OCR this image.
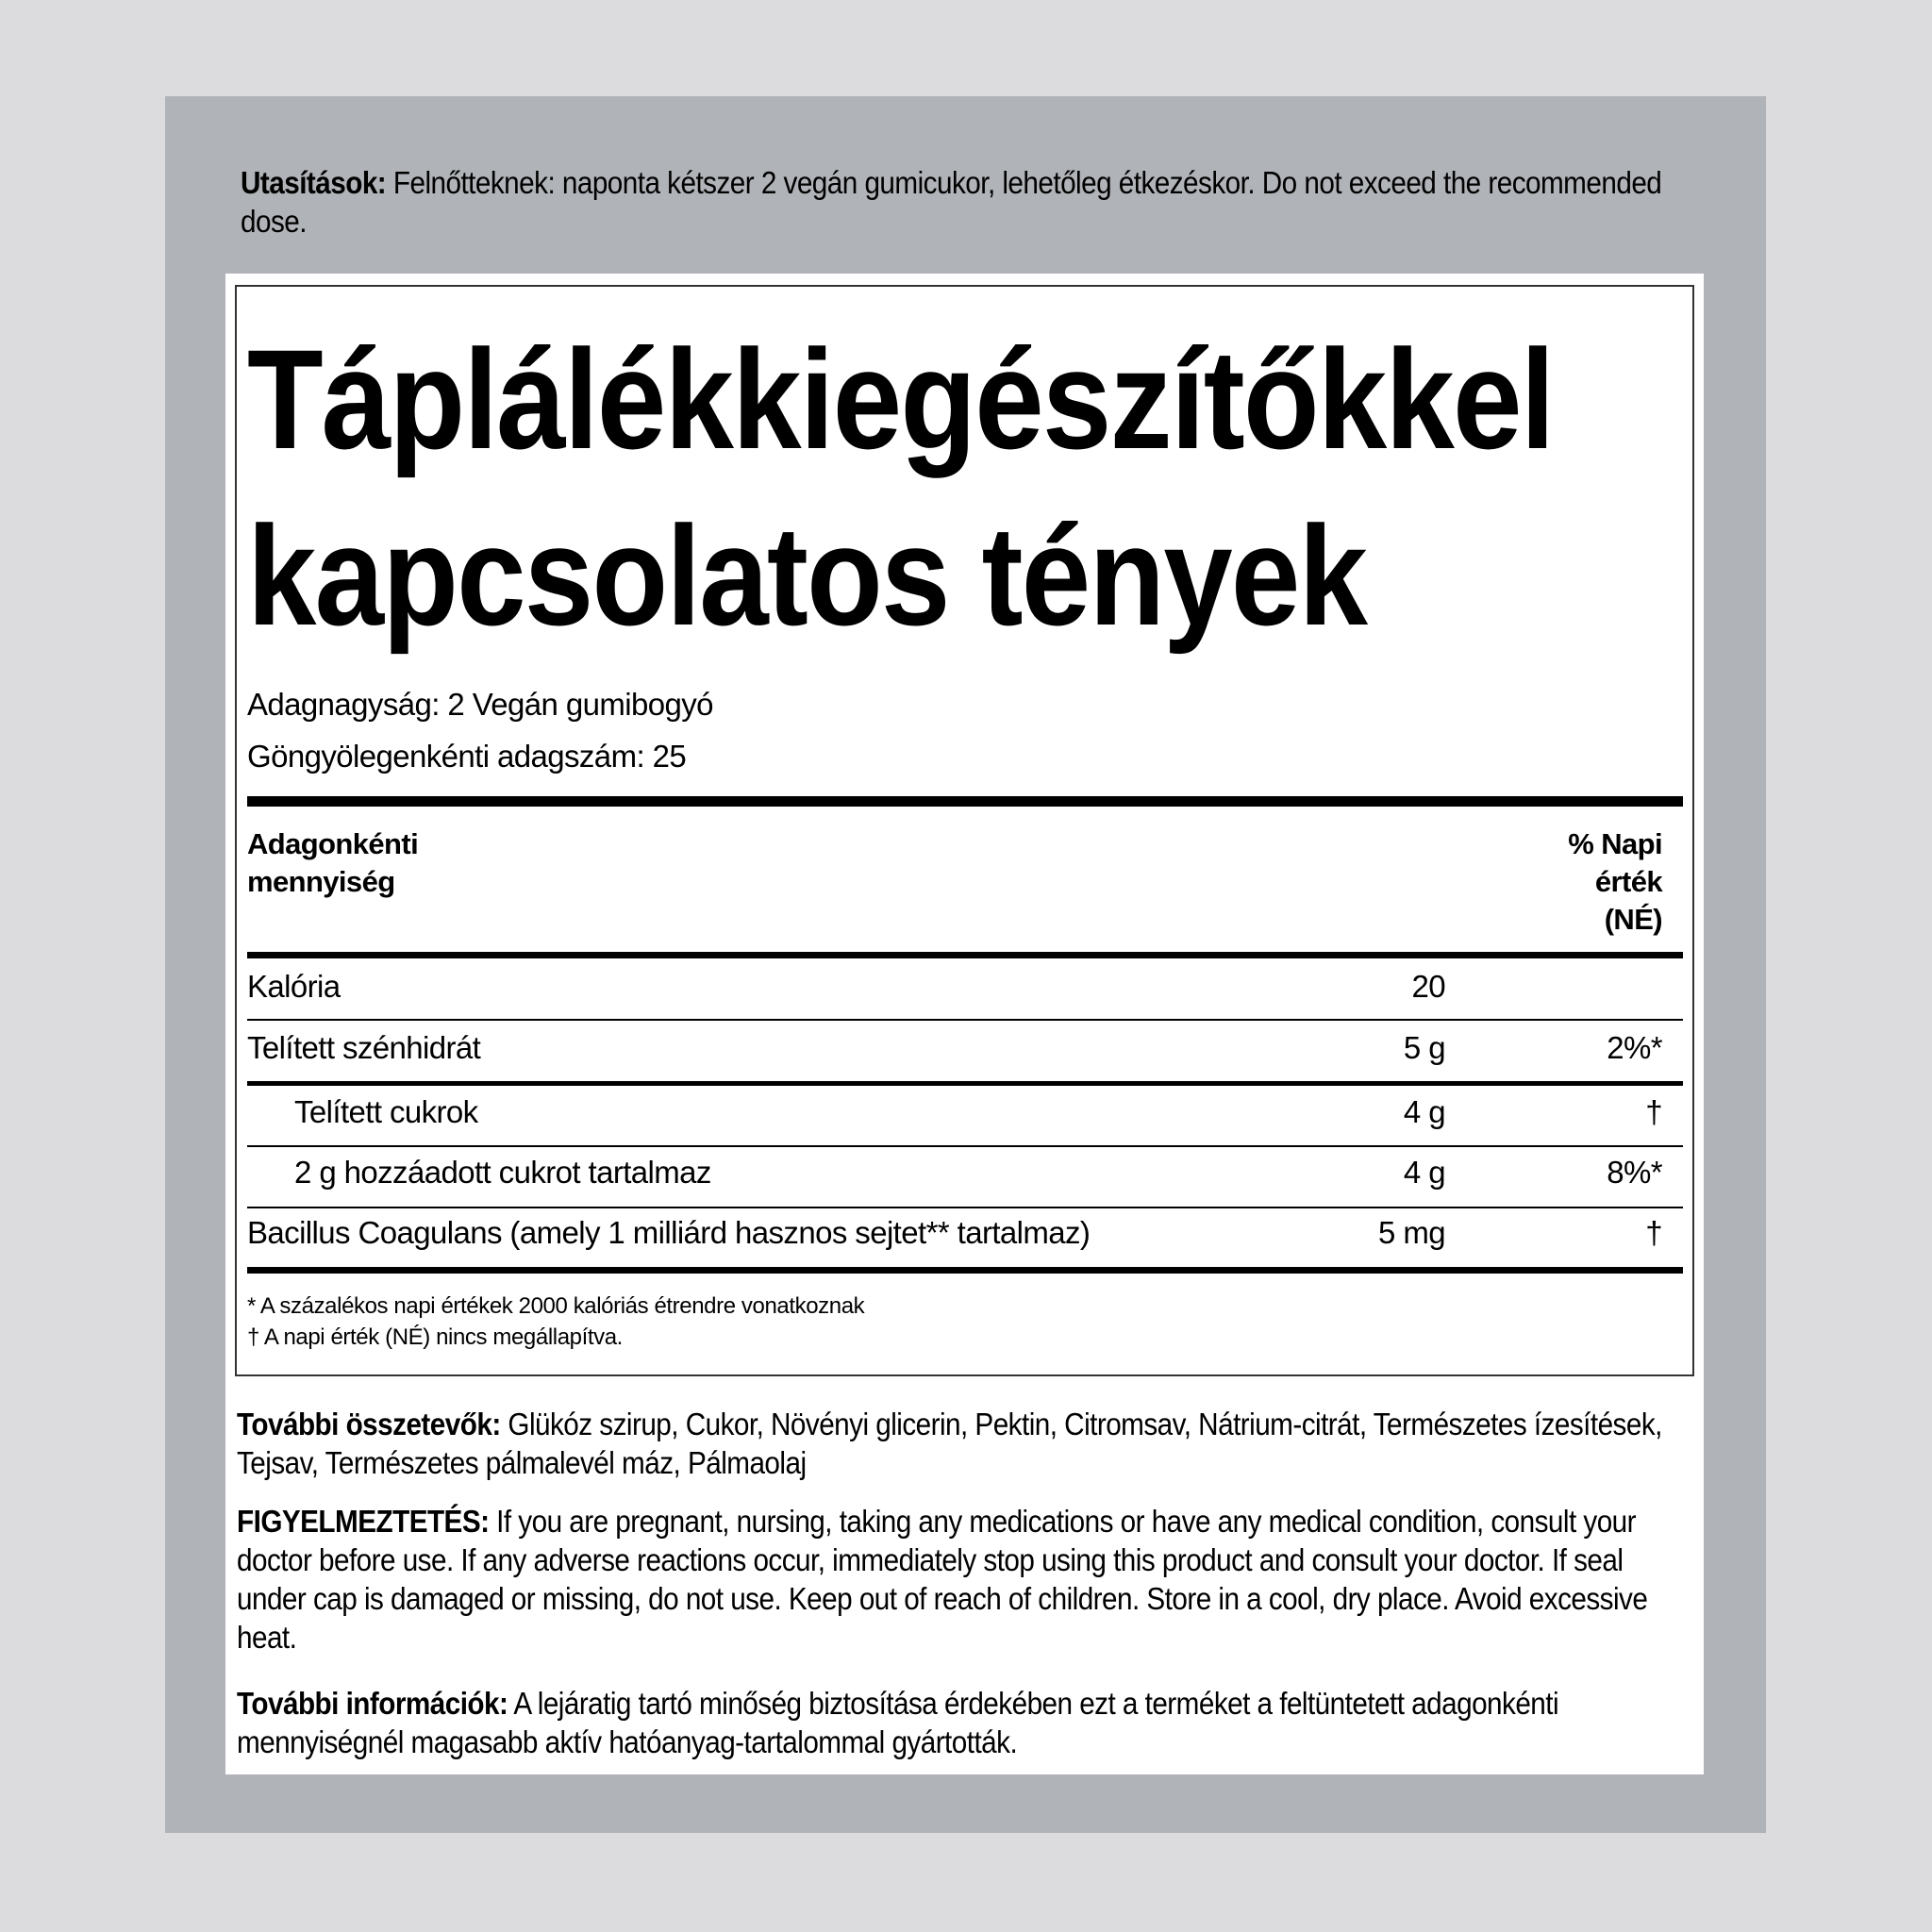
Utasítások: Felnőtteknek: naponta kétszer 2 vegán gumicukor, lehetőleg étkezéskor. Do not exceed the recommended dose.
Táplálékkiegészítőkkel
kapcsolatos tények
Adagnagyság: 2 Vegán gumibogyó
Göngyölegenkénti adagszám: 25
Adagonkénti
mennyiség
% Napi
érték
(NÉ)
Kalória	20
Telített szénhidrát	5 g	2%*
Telített cukrok	4 g	†
2 g hozzáadott cukrot tartalmaz	4 g	8%*
Bacillus Coagulans (amely 1 milliárd hasznos sejtet** tartalmaz)	5 mg	†
* A százalékos napi értékek 2000 kalóriás étrendre vonatkoznak
† A napi érték (NÉ) nincs megállapítva.
További összetevők: Glükóz szirup, Cukor, Növényi glicerin, Pektin, Citromsav, Nátrium-citrát, Természetes ízesítések, Tejsav, Természetes pálmalevél máz, Pálmaolaj
FIGYELMEZTETÉS: If you are pregnant, nursing, taking any medications or have any medical condition, consult your doctor before use. If any adverse reactions occur, immediately stop using this product and consult your doctor. If seal under cap is damaged or missing, do not use. Keep out of reach of children. Store in a cool, dry place. Avoid excessive heat.
További információk: A lejáratig tartó minőség biztosítása érdekében ezt a terméket a feltüntetett adagonkénti mennyiségnél magasabb aktív hatóanyag-tartalommal gyártották.
